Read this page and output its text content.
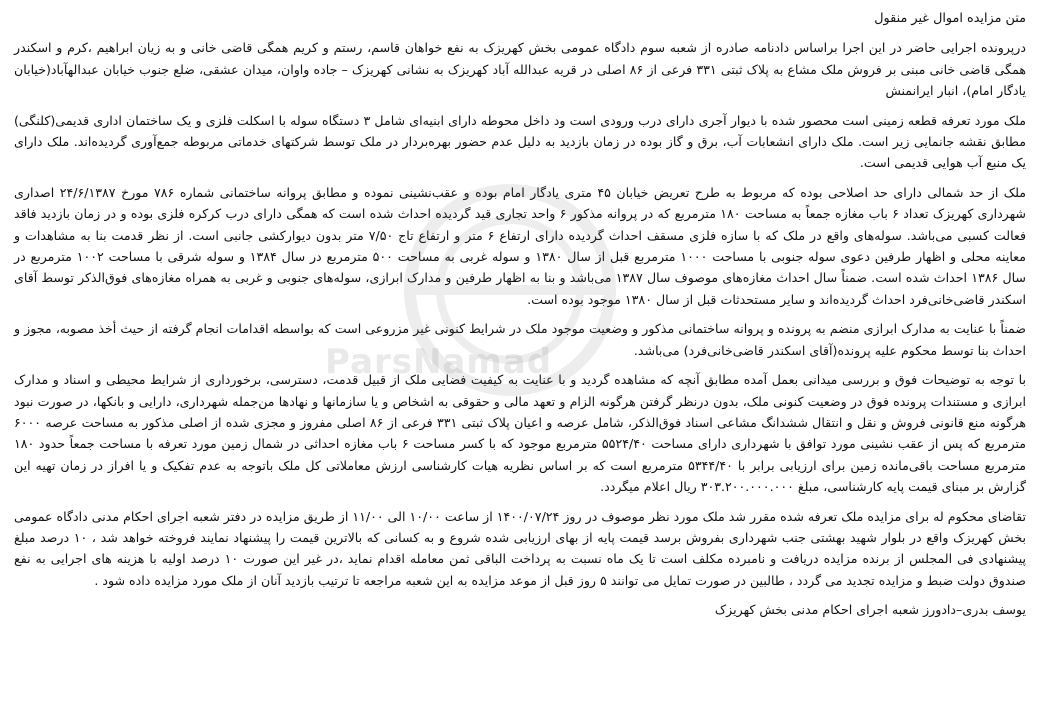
ParsNamad
متن مزایده اموال غیر منقول

درپرونده اجرایی حاضر در این اجرا براساس دادنامه صادره از شعبه سوم دادگاه عمومی بخش کهریزک به نفع خواهان قاسم، رستم و کریم همگی قاضی خانی و به زیان ابراهیم ،کرم و اسکندر همگی قاضی خانی مبنی بر فروش ملک مشاع به پلاک ثبتی ۳۳۱ فرعی از ۸۶ اصلی در قریه عبدالله آباد کهریزک به نشانی کهریزک – جاده واوان، میدان عشقی، ضلع جنوب خیابان عبدالهآباد(خیابان یادگار امام)، انبار ایرانمنش

ملک مورد تعرفه قطعه زمینی است محصور شده با دیوار آجری دارای درب ورودی است ود داخل محوطه دارای ابنیه‌ای شامل ۳ دستگاه سوله با اسکلت فلزی و یک ساختمان اداری قدیمی(کلنگی) مطابق نقشه جانمایی زیر است. ملک دارای انشعابات آب، برق و گاز بوده در زمان بازدید به دلیل عدم حضور بهره‌بردار در ملک توسط شرکتهای خدماتی مربوطه جمع‌آوری گردیده‌اند. ملک دارای یک منبع آب هوایی قدیمی است.

ملک از حد شمالی دارای حد اصلاحی بوده که مربوط به طرح تعریض خیابان ۴۵ متری یادگار امام بوده و عقب‌نشینی نموده و مطابق پروانه ساختمانی شماره ۷۸۶ مورخ ۲۴/۶/۱۳۸۷ اصداری شهرداری کهریزک تعداد ۶ باب مغازه جمعاً به مساحت ۱۸۰ مترمربع که در پروانه مذکور ۶ واحد تجاری قید گردیده احداث شده است که همگی دارای درب کرکره فلزی بوده و در زمان بازدید فاقد فعالت کسبی می‌باشد. سوله‌های واقع در ملک که با سازه فلزی مسقف احداث گردیده دارای ارتفاع ۶ متر و ارتفاع تاج ۷/۵۰ متر بدون دیوارکشی جانبی است. از نظر قدمت بنا به مشاهدات و معاینه محلی و اظهار طرفین دعوی سوله جنوبی با مساحت ۱۰۰۰ مترمربع قبل از سال ۱۳۸۰ و سوله غربی به مساحت ۵۰۰ مترمربع در سال ۱۳۸۴ و سوله شرقی با مساحت ۱۰۰۲ مترمربع در سال ۱۳۸۶ احداث شده است. ضمناً سال احداث مغازه‌های موصوف سال ۱۳۸۷ می‌باشد و بنا به اظهار طرفین و مدارک ابرازی، سوله‌های جنوبی و غربی به همراه مغازه‌های فوق‌الذکر توسط آقای اسکندر قاضی‌خانی‌فرد احداث گردیده‌اند و سایر مستحدثات قبل از سال ۱۳۸۰ موجود بوده است.

ضمناً با عنایت به مدارک ابرازی منضم به پرونده و پروانه ساختمانی مذکور و وضعیت موجود ملک در شرایط کنونی غیر مزروعی است که بواسطه اقدامات انجام گرفته از حیث أخذ مصوبه، مجوز و احداث بنا توسط محکوم علیه پرونده(آقای اسکندر قاضی‌خانی‌فرد) می‌باشد.

با توجه به توضیحات فوق و بررسی میدانی بعمل آمده مطابق آنچه که مشاهده گردید و با عنایت به کیفیت فضایی ملک از قبیل قدمت، دسترسی، برخورداری از شرایط محیطی و اسناد و مدارک ابرازی و مستندات پرونده فوق در وضعیت کنونی ملک، بدون درنظر گرفتن هرگونه الزام و تعهد مالی و حقوقی به اشخاص و یا سازمانها و نهادها من‌جمله شهرداری، دارایی و بانکها، در صورت نبود هرگونه منع قانونی فروش و نقل و انتقال ششدانگ مشاعی اسناد فوق‌الذکر، شامل عرصه و اعیان پلاک ثبتی ۳۳۱ فرعی از ۸۶ اصلی مفروز و مجزی شده از اصلی مذکور به مساحت عرصه ۶۰۰۰ مترمربع که پس از عقب نشینی مورد توافق با شهرداری دارای مساحت ۵۵۲۴/۴۰ مترمربع موجود که با کسر مساحت ۶ باب مغازه احداثی در شمال زمین مورد تعرفه با مساحت جمعاً حدود ۱۸۰ مترمربع مساحت باقی‌مانده زمین برای ارزیابی برابر با ۵۳۴۴/۴۰ مترمربع است که بر اساس نظریه هیات کارشناسی ارزش معاملاتی کل ملک باتوجه به عدم تفکیک و یا افراز در زمان تهیه این گزارش بر مبنای قیمت پایه کارشناسی، مبلغ ۳۰۳.۲۰۰.۰۰۰.۰۰۰ ریال اعلام میگردد.

تقاضای محکوم له برای مزایده ملک تعرفه شده مقرر شد ملک مورد نظر موصوف در روز ۱۴۰۰/۰۷/۲۴ از ساعت ۱۰/۰۰ الی ۱۱/۰۰ از طریق مزایده در دفتر شعبه اجرای احکام مدنی دادگاه عمومی بخش کهریزک واقع در بلوار شهید بهشتی جنب شهرداری بفروش برسد قیمت پایه از بهای ارزیابی شده شروع و به کسانی که بالاترین قیمت را پیشنهاد نمایند فروخته خواهد شد ، ۱۰ درصد مبلغ پیشنهادی فی المجلس از برنده مزایده دریافت و نامبرده مکلف است تا یک ماه نسبت به پرداخت الباقی ثمن معامله اقدام نماید ،در غیر این صورت ۱۰ درصد اولیه با هزینه های اجرایی به نفع صندوق دولت ضبط و مزایده تجدید می گردد ، طالبین در صورت تمایل می توانند ۵ روز قبل از موعد مزایده به این شعبه مراجعه تا ترتیب بازدید آنان از ملک مورد مزایده داده شود .

یوسف بدری–دادورز شعبه اجرای احکام مدنی بخش کهریزک
